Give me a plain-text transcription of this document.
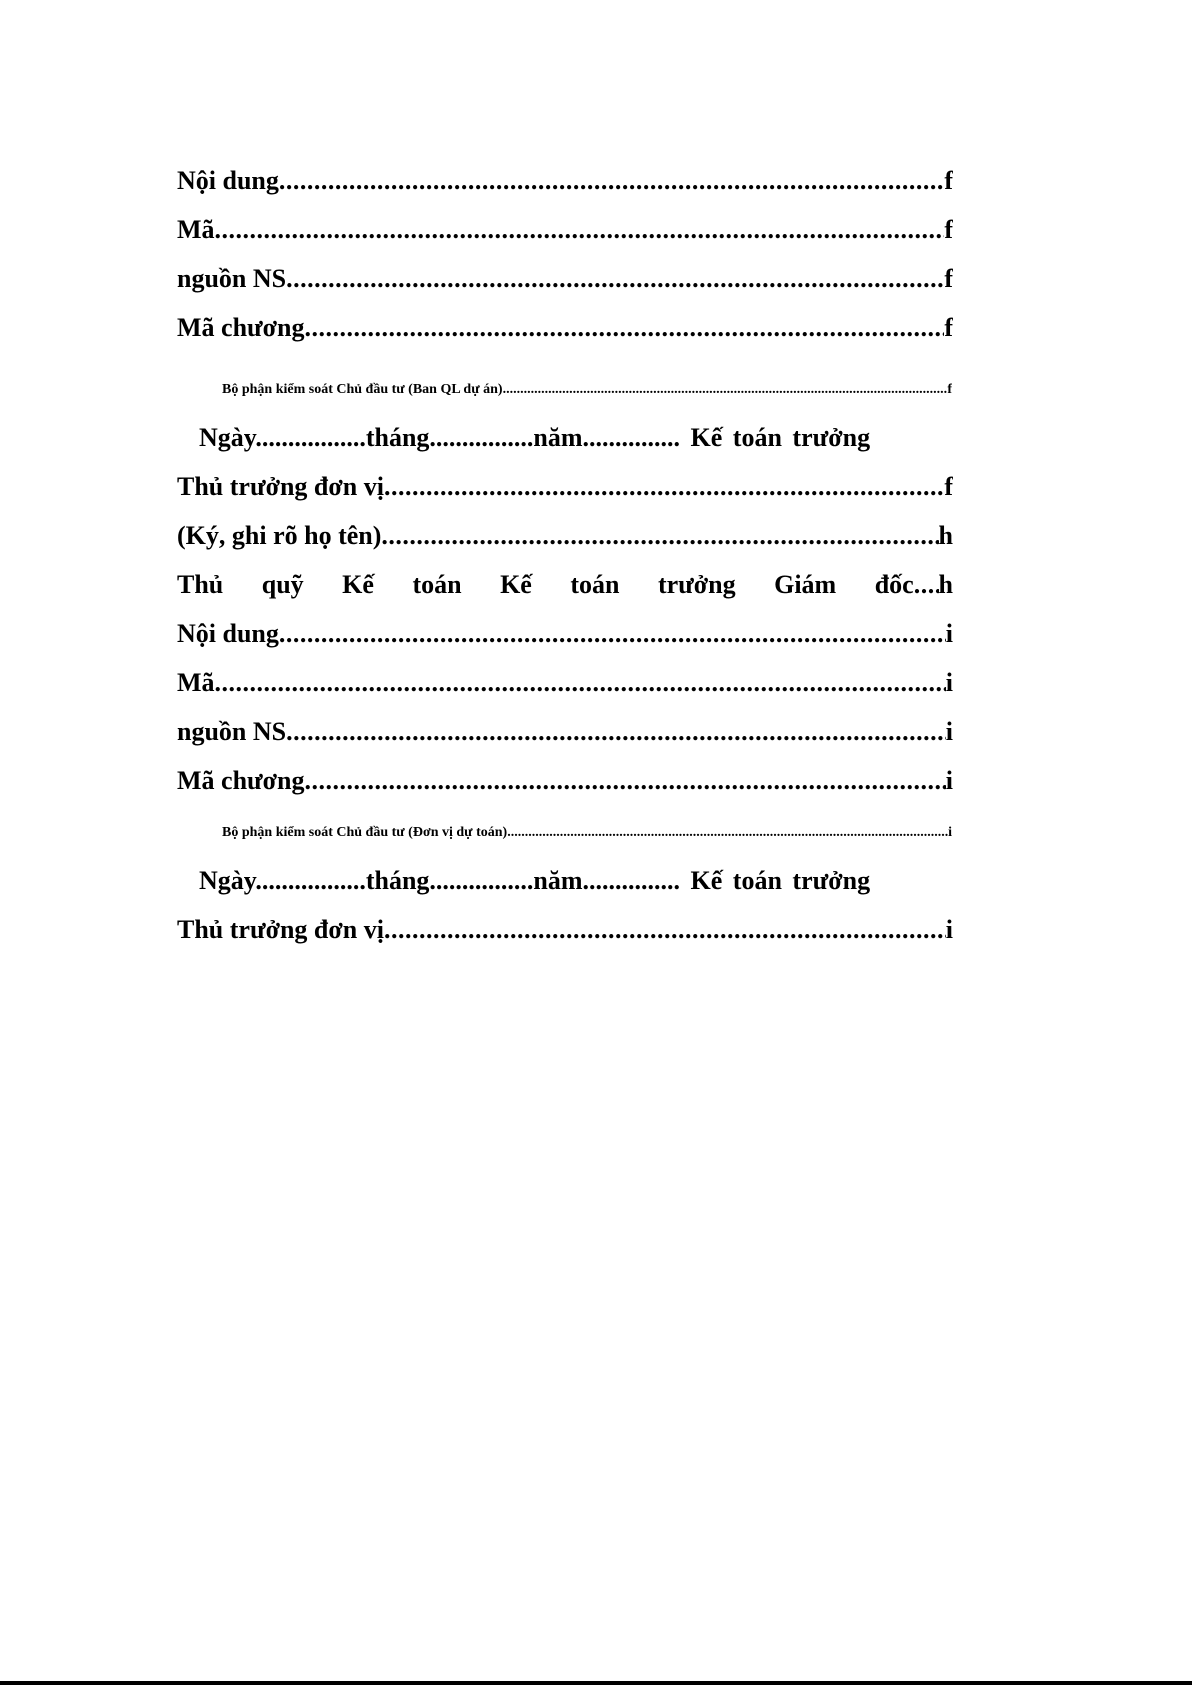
Nội dung .....	f
Mã .....	f
nguồn NS .....	f
Mã chương .....	f
Bộ phận kiểm soát Chủ đầu tư (Ban QL dự án) .....	f
Ngày.................tháng................năm............... Kế toán trưởng
Thủ trưởng đơn vị .....	f
(Ký, ghi rõ họ tên) .....	h
Thủ quỹ Kế toán Kế toán trưởng Giám đốc ..... h
Nội dung .....	i
Mã .....	i
nguồn NS .....	i
Mã chương .....	i
Bộ phận kiểm soát Chủ đầu tư (Đơn vị dự toán) .....	i
Ngày.................tháng................năm............... Kế toán trưởng
Thủ trưởng đơn vị .....	i
